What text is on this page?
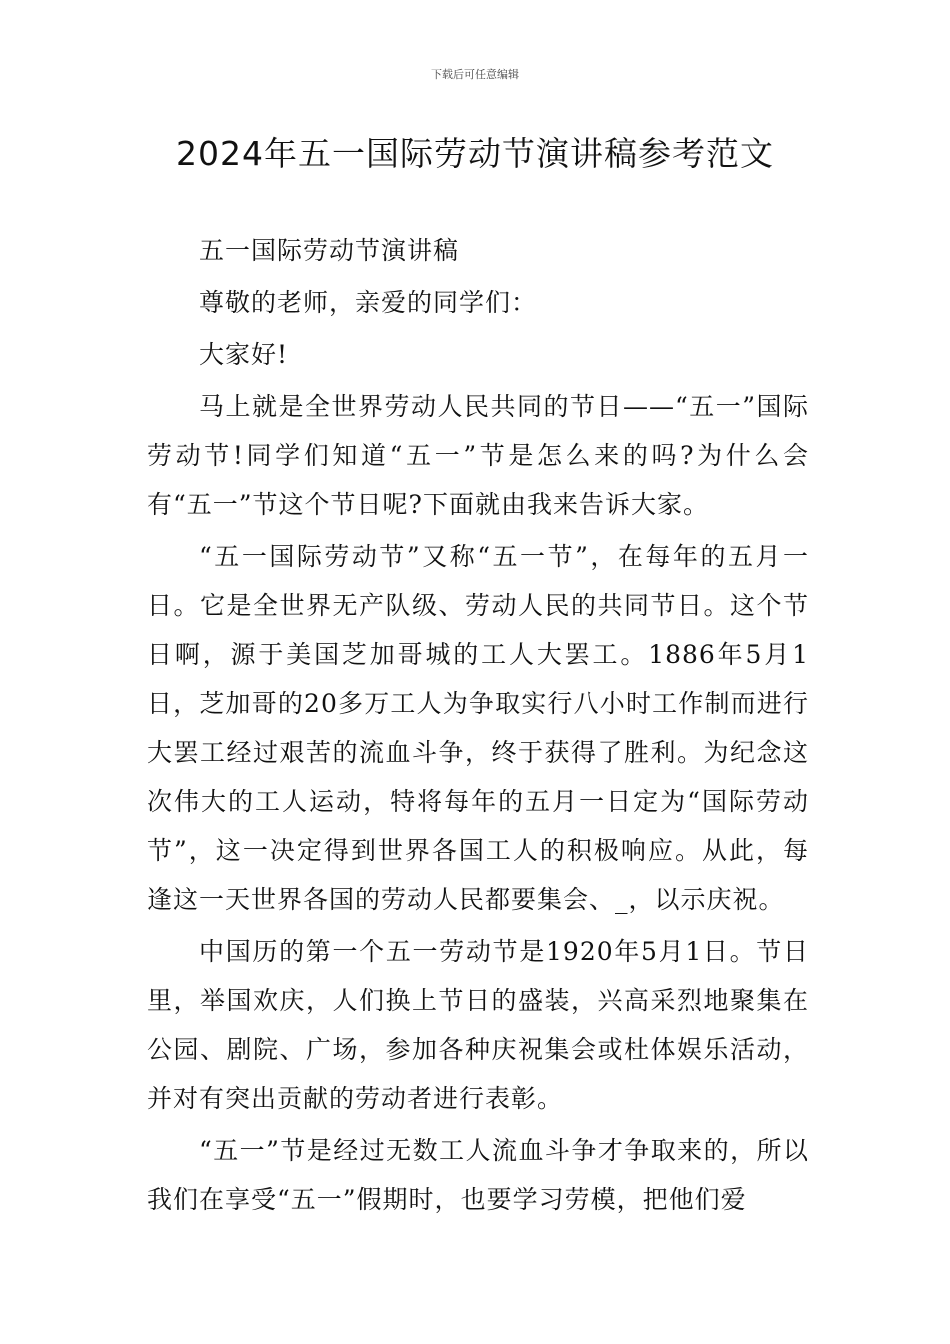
下载后可任意编辑
2024年五一国际劳动节演讲稿参考范文

五一国际劳动节演讲稿

尊敬的老师，亲爱的同学们：

大家好!

马上就是全世界劳动人民共同的节日——“五一”国际劳动节!同学们知道“五一”节是怎么来的吗?为什么会有“五一”节这个节日呢?下面就由我来告诉大家。

“五一国际劳动节”又称“五一节”，在每年的五月一日。它是全世界无产队级、劳动人民的共同节日。这个节日啊，源于美国芝加哥城的工人大罢工。1886年5月1日，芝加哥的20多万工人为争取实行八小时工作制而进行大罢工经过艰苦的流血斗争，终于获得了胜利。为纪念这次伟大的工人运动，特将每年的五月一日定为“国际劳动节”，这一决定得到世界各国工人的积极响应。从此，每逢这一天世界各国的劳动人民都要集会、_，以示庆祝。

中国历的第一个五一劳动节是1920年5月1日。节日里，举国欢庆，人们换上节日的盛装，兴高采烈地聚集在公园、剧院、广场，参加各种庆祝集会或杜体娱乐活动，并对有突出贡献的劳动者进行表彰。

“五一”节是经过无数工人流血斗争才争取来的，所以我们在享受“五一”假期时，也要学习劳模，把他们爱
